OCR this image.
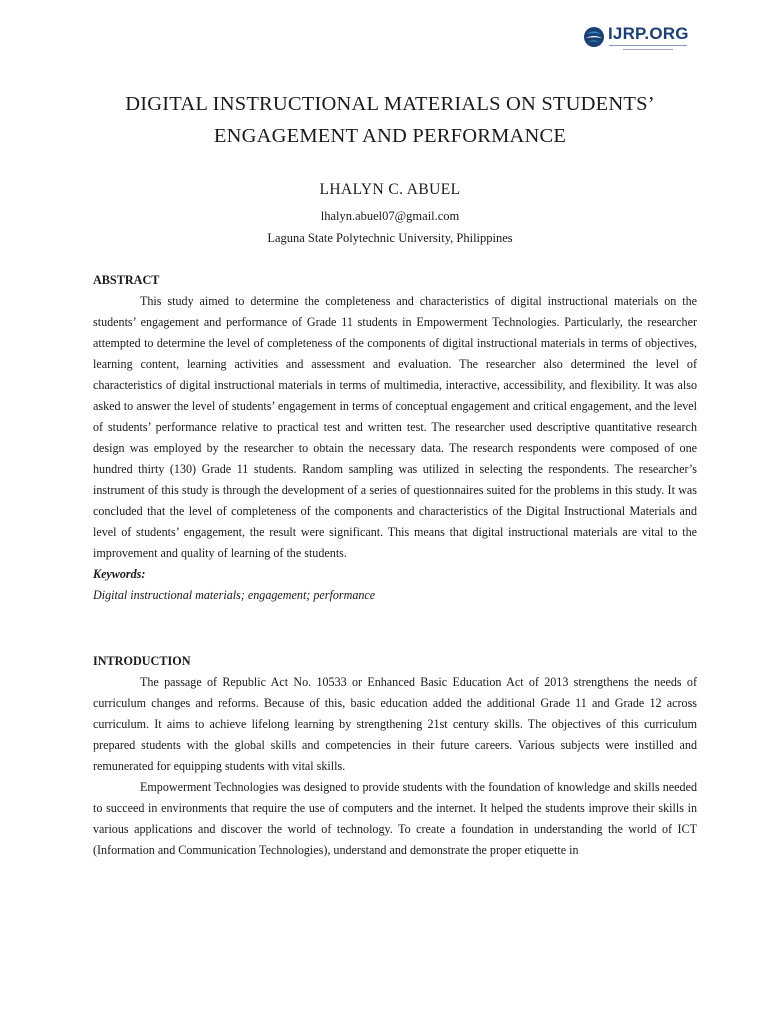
IJRP.ORG
DIGITAL INSTRUCTIONAL MATERIALS ON STUDENTS’
ENGAGEMENT AND PERFORMANCE
LHALYN C. ABUEL
lhalyn.abuel07@gmail.com
Laguna State Polytechnic University, Philippines

ABSTRACT

This study aimed to determine the completeness and characteristics of digital instructional materials on the students’ engagement and performance of Grade 11 students in Empowerment Technologies. Particularly, the researcher attempted to determine the level of completeness of the components of digital instructional materials in terms of objectives, learning content, learning activities and assessment and evaluation. The researcher also determined the level of characteristics of digital instructional materials in terms of multimedia, interactive, accessibility, and flexibility. It was also asked to answer the level of students’ engagement in terms of conceptual engagement and critical engagement, and the level of students’ performance relative to practical test and written test. The researcher used descriptive quantitative research design was employed by the researcher to obtain the necessary data. The research respondents were composed of one hundred thirty (130) Grade 11 students. Random sampling was utilized in selecting the respondents. The researcher’s instrument of this study is through the development of a series of questionnaires suited for the problems in this study. It was concluded that the level of completeness of the components and characteristics of the Digital Instructional Materials and level of students’ engagement, the result were significant. This means that digital instructional materials are vital to the improvement and quality of learning of the students.

Keywords:

Digital instructional materials; engagement; performance

INTRODUCTION

The passage of Republic Act No. 10533 or Enhanced Basic Education Act of 2013 strengthens the needs of curriculum changes and reforms. Because of this, basic education added the additional Grade 11 and Grade 12 across curriculum. It aims to achieve lifelong learning by strengthening 21st century skills. The objectives of this curriculum prepared students with the global skills and competencies in their future careers. Various subjects were instilled and remunerated for equipping students with vital skills.

Empowerment Technologies was designed to provide students with the foundation of knowledge and skills needed to succeed in environments that require the use of computers and the internet. It helped the students improve their skills in various applications and discover the world of technology. To create a foundation in understanding the world of ICT (Information and Communication Technologies), understand and demonstrate the proper etiquette in
